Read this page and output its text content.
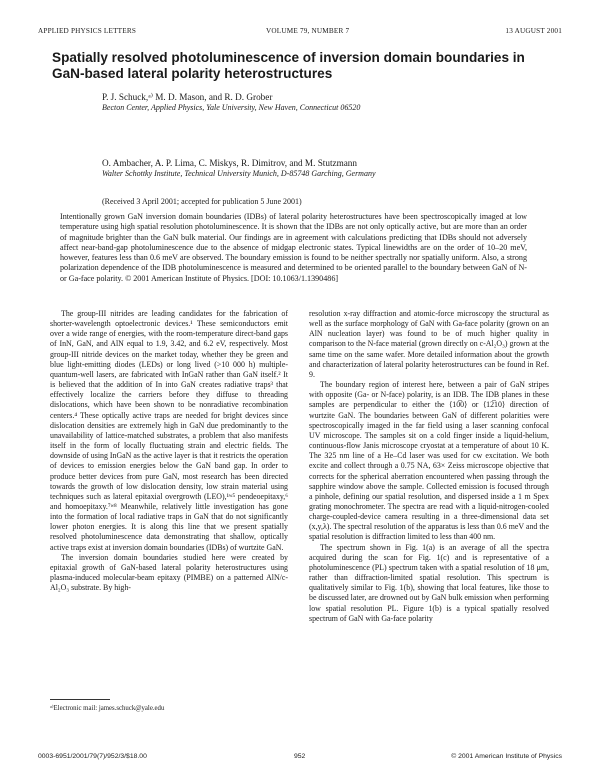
APPLIED PHYSICS LETTERS	VOLUME 79, NUMBER 7	13 AUGUST 2001
Spatially resolved photoluminescence of inversion domain boundaries in GaN-based lateral polarity heterostructures
P. J. Schuck,ᵃ⁾ M. D. Mason, and R. D. Grober
Becton Center, Applied Physics, Yale University, New Haven, Connecticut 06520
O. Ambacher, A. P. Lima, C. Miskys, R. Dimitrov, and M. Stutzmann
Walter Schottky Institute, Technical University Munich, D-85748 Garching, Germany
(Received 3 April 2001; accepted for publication 5 June 2001)

Intentionally grown GaN inversion domain boundaries (IDBs) of lateral polarity heterostructures have been spectroscopically imaged at low temperature using high spatial resolution photoluminescence. It is shown that the IDBs are not only optically active, but are more than an order of magnitude brighter than the GaN bulk material. Our findings are in agreement with calculations predicting that IDBs should not adversely affect near-band-gap photoluminescence due to the absence of midgap electronic states. Typical linewidths are on the order of 10–20 meV, however, features less than 0.6 meV are observed. The boundary emission is found to be neither spectrally nor spatially uniform. Also, a strong polarization dependence of the IDB photoluminescence is measured and determined to be oriented parallel to the boundary between GaN of N- or Ga-face polarity. © 2001 American Institute of Physics. [DOI: 10.1063/1.1390486]

The group-III nitrides are leading candidates for the fabrication of shorter-wavelength optoelectronic devices.¹ These semiconductors emit over a wide range of energies, with the room-temperature direct-band gaps of InN, GaN, and AlN equal to 1.9, 3.42, and 6.2 eV, respectively. Most group-III nitride devices on the market today, whether they be green and blue light-emitting diodes (LEDs) or long lived (>10 000 h) multiple-quantum-well lasers, are fabricated with InGaN rather than GaN itself.² It is believed that the addition of In into GaN creates radiative traps³ that effectively localize the carriers before they diffuse to threading dislocations, which have been shown to be nonradiative recombination centers.⁴ These optically active traps are needed for bright devices since dislocation densities are extremely high in GaN due predominantly to the unavailability of lattice-matched substrates, a problem that also manifests itself in the form of locally fluctuating strain and electric fields. The downside of using InGaN as the active layer is that it restricts the operation of devices to emission energies below the GaN band gap. In order to produce better devices from pure GaN, most research has been directed towards the growth of low dislocation density, low strain material using techniques such as lateral epitaxial overgrowth (LEO),¹ʷ⁵ pendeoepitaxy,⁶ and homoepitaxy.⁷ʷ⁸ Meanwhile, relatively little investigation has gone into the formation of local radiative traps in GaN that do not significantly lower photon energies. It is along this line that we present spatially resolved photoluminescence data demonstrating that shallow, optically active traps exist at inversion domain boundaries (IDBs) of wurtzite GaN.

The inversion domain boundaries studied here were created by epitaxial growth of GaN-based lateral polarity heterostructures using plasma-induced molecular-beam epitaxy (PIMBE) on a patterned AlN/c-Al₂O₃ substrate. By high-

resolution x-ray diffraction and atomic-force microscopy the structural as well as the surface morphology of GaN with Ga-face polarity (grown on an AlN nucleation layer) was found to be of much higher quality in comparison to the N-face material (grown directly on c-Al₂O₃) grown at the same time on the same wafer. More detailed information about the growth and characterization of lateral polarity heterostructures can be found in Ref. 9.

The boundary region of interest here, between a pair of GaN stripes with opposite (Ga- or N-face) polarity, is an IDB. The IDB planes in these samples are perpendicular to either the ⟨10̅0⟩ or ⟨12̅10⟩ direction of wurtzite GaN. The boundaries between GaN of different polarities were spectroscopically imaged in the far field using a laser scanning confocal UV microscope. The samples sit on a cold finger inside a liquid-helium, continuous-flow Janis microscope cryostat at a temperature of about 10 K. The 325 nm line of a He–Cd laser was used for cw excitation. We both excite and collect through a 0.75 NA, 63× Zeiss microscope objective that corrects for the spherical aberration encountered when passing through the sapphire window above the sample. Collected emission is focused through a pinhole, defining our spatial resolution, and dispersed inside a 1 m Spex grating monochrometer. The spectra are read with a liquid-nitrogen-cooled charge-coupled-device camera resulting in a three-dimensional data set (x,y,λ). The spectral resolution of the apparatus is less than 0.6 meV and the spatial resolution is diffraction limited to less than 400 nm.

The spectrum shown in Fig. 1(a) is an average of all the spectra acquired during the scan for Fig. 1(c) and is representative of a photoluminescence (PL) spectrum taken with a spatial resolution of 18 μm, rather than diffraction-limited spatial resolution. This spectrum is qualitatively similar to Fig. 1(b), showing that local features, like those to be discussed later, are drowned out by GaN bulk emission when performing low spatial resolution PL. Figure 1(b) is a typical spatially resolved spectrum of GaN with Ga-face polarity

ᵃ⁾Electronic mail: james.schuck@yale.edu
0003-6951/2001/79(7)/952/3/$18.00	952	© 2001 American Institute of Physics
